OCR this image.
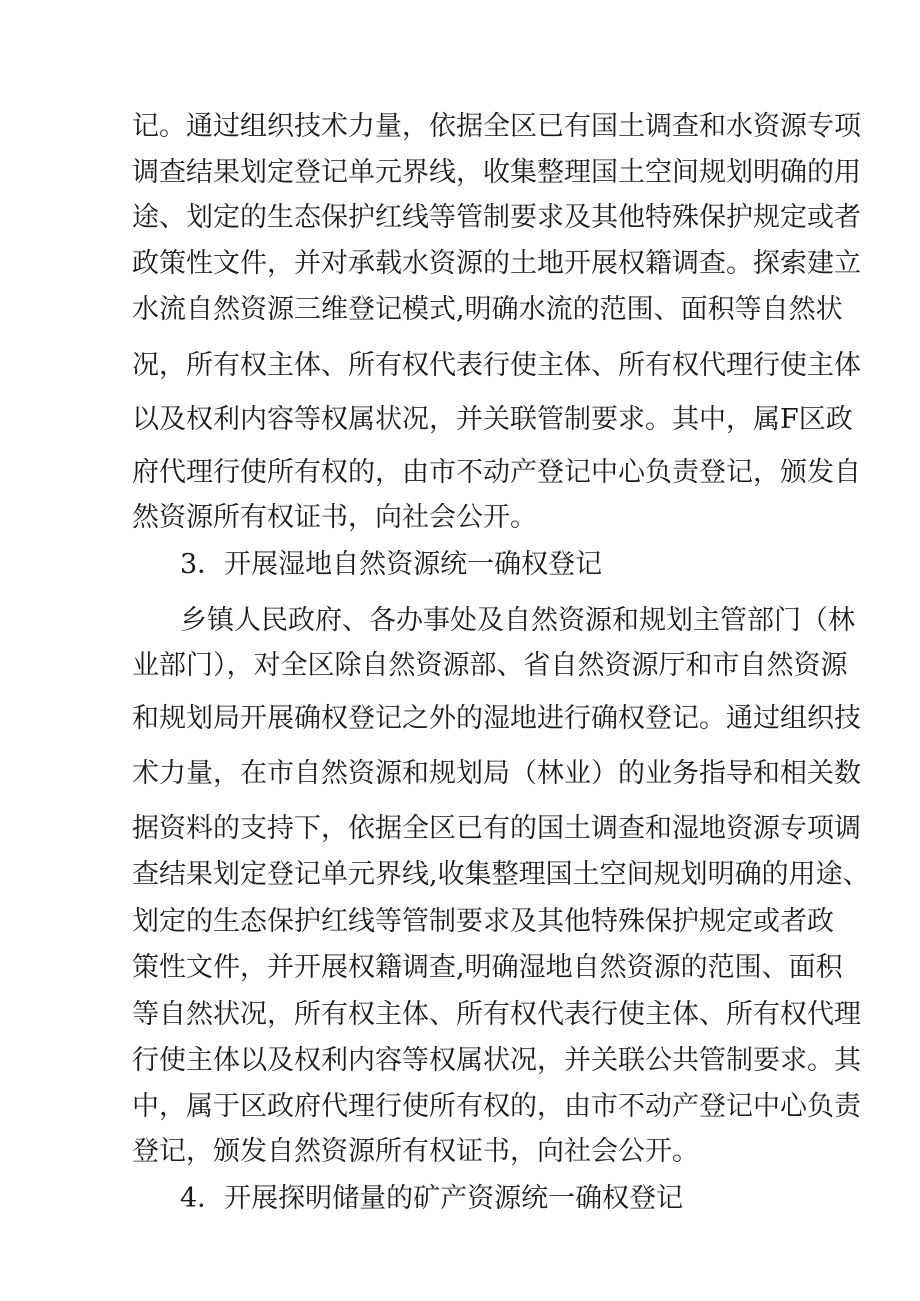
记。通过组织技术力量，依据全区已有国土调查和水资源专项
调查结果划定登记单元界线，收集整理国土空间规划明确的用
途、划定的生态保护红线等管制要求及其他特殊保护规定或者
政策性文件，并对承载水资源的土地开展权籍调查。探索建立
水流自然资源三维登记模式,明确水流的范围、面积等自然状
况，所有权主体、所有权代表行使主体、所有权代理行使主体
以及权利内容等权属状况，并关联管制要求。其中，属F区政
府代理行使所有权的，由市不动产登记中心负责登记，颁发自
然资源所有权证书，向社会公开。
3．开展湿地自然资源统一确权登记
乡镇人民政府、各办事处及自然资源和规划主管部门（林
业部门），对全区除自然资源部、省自然资源厅和市自然资源
和规划局开展确权登记之外的湿地进行确权登记。通过组织技
术力量，在市自然资源和规划局（林业）的业务指导和相关数
据资料的支持下，依据全区已有的国土调查和湿地资源专项调
查结果划定登记单元界线,收集整理国土空间规划明确的用途、
划定的生态保护红线等管制要求及其他特殊保护规定或者政
策性文件，并开展权籍调查,明确湿地自然资源的范围、面积
等自然状况，所有权主体、所有权代表行使主体、所有权代理
行使主体以及权利内容等权属状况，并关联公共管制要求。其
中，属于区政府代理行使所有权的，由市不动产登记中心负责
登记，颁发自然资源所有权证书，向社会公开。
4．开展探明储量的矿产资源统一确权登记
